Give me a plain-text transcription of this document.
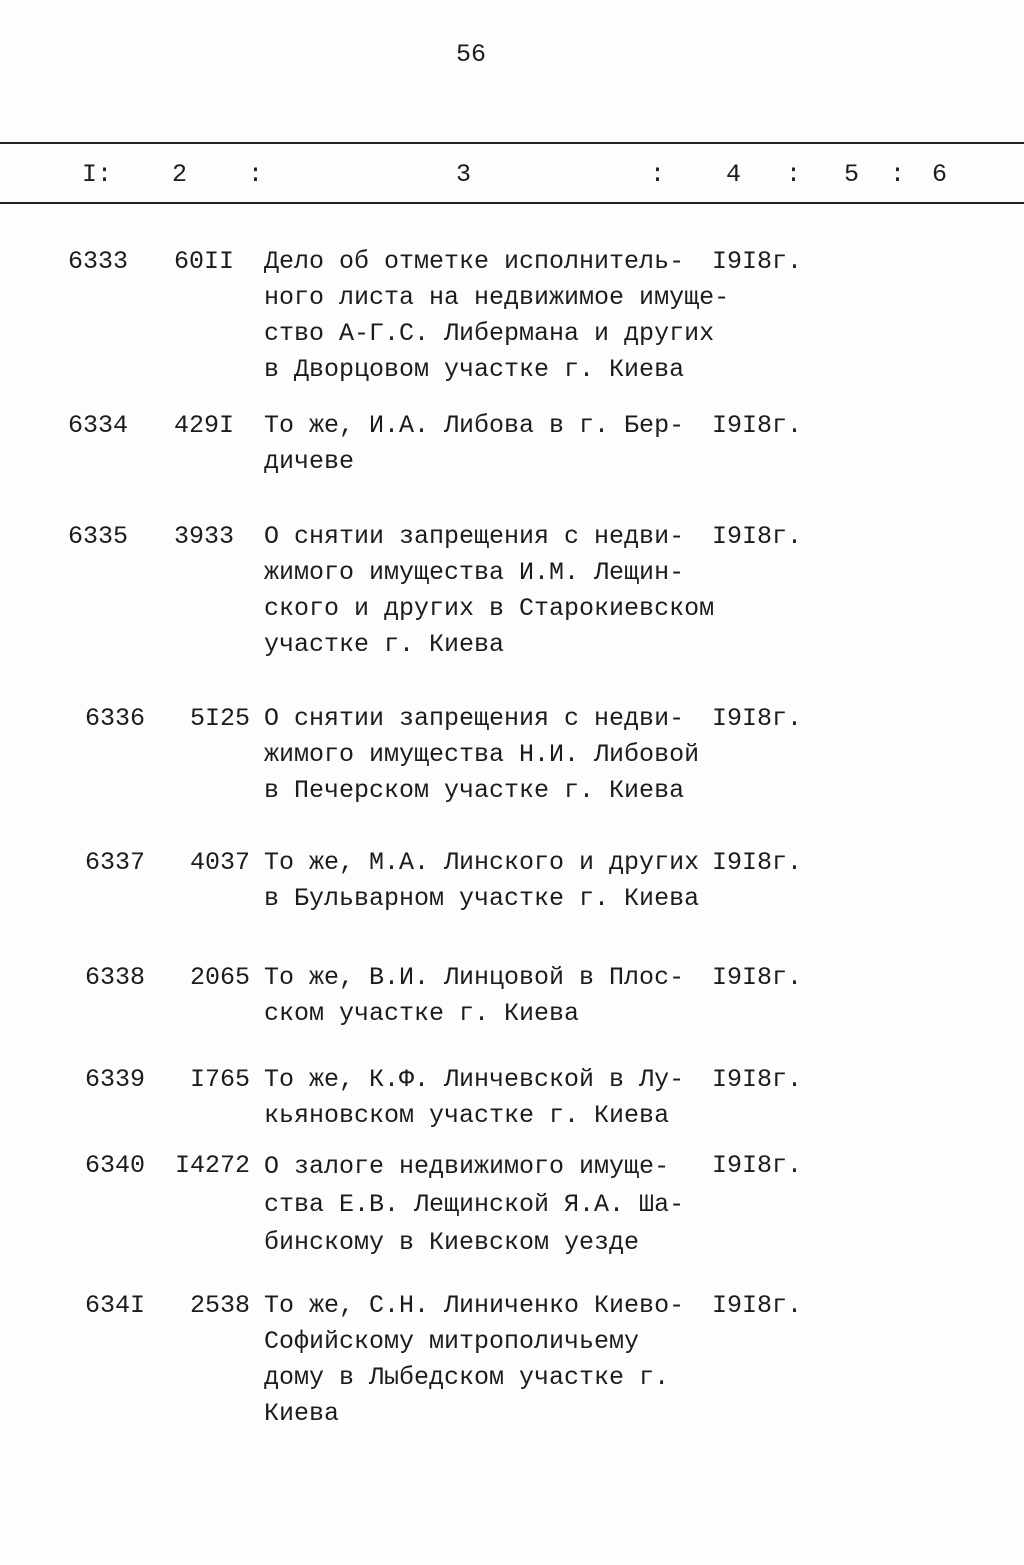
56
I: 2 :	3	: 4 : 5 : 6
6333 60II Дело об отметке исполнитель-
ного листа на недвижимое имуще-
ство А-Г.С. Либермана и других
в Дворцовом участке г. Киева
I9I8г.
6334 429I То же, И.А. Либова в г. Бер-
дичеве
I9I8г.
6335 3933 О снятии запрещения с недви-
жимого имущества И.М. Лещин-
ского и других в Старокиевском
участке г. Киева
I9I8г.
6336 5I25 О снятии запрещения с недви-
жимого имущества Н.И. Либовой
в Печерском участке г. Киева
I9I8г.
6337 4037 То же, М.А. Линского и других
в Бульварном участке г. Киева
I9I8г.
6338 2065 То же, В.И. Линцовой в Плос-
ском участке г. Киева
I9I8г.
6339 I765 То же, К.Ф. Линчевской в Лу-
кьяновском участке г. Киева
I9I8г.
6340 I4272 О залоге недвижимого имуще-
ства Е.В. Лещинской Я.А. Ша-
бинскому в Киевском уезде
I9I8г.
634I 2538 То же, С.Н. Линиченко Киево-
Софийскому митрополичьему
дому в Лыбедском участке г.
Киева
I9I8г.
